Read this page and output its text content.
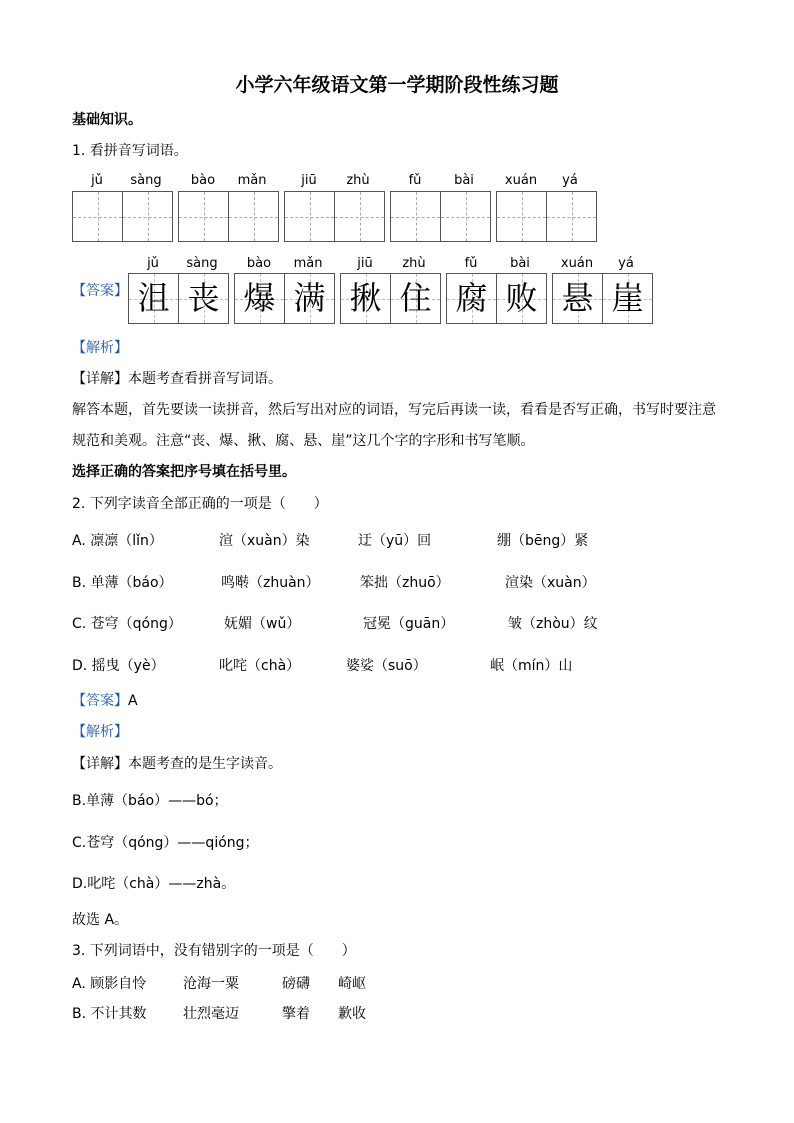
小学六年级语文第一学期阶段性练习题
基础知识。
1. 看拼音写词语。
jǔ	sàng	bào	mǎn	jiū	zhù	fǔ	bài	xuán	yá
【答案】
jǔ	sàng	bào	mǎn	jiū	zhù	fǔ	bài	xuán	yá
沮 丧 爆 满 揪 住 腐 败 悬 崖
【解析】
【详解】本题考查看拼音写词语。
解答本题，首先要读一读拼音，然后写出对应的词语，写完后再读一读，看看是否写正确，书写时要注意
规范和美观。注意“丧、爆、揪、腐、悬、崖”这几个字的字形和书写笔顺。
选择正确的答案把序号填在括号里。
2. 下列字读音全部正确的一项是（　　）
A. 凛凛（lǐn）	渲（xuàn）染	迂（yū）回	绷（bēng）紧
B. 单薄（báo）	鸣啭（zhuàn）	笨拙（zhuō）	渲染（xuàn）
C. 苍穹（qóng）	妩媚（wǔ）	冠冕（guān）	皱（zhòu）纹
D. 摇曳（yè）	叱咤（chà）	婆娑（suō）	岷（mín）山
【答案】A
【解析】
【详解】本题考查的是生字读音。
B.单薄（báo）——bó；
C.苍穹（qóng）——qióng；
D.叱咤（chà）——zhà。
故选 A。
3. 下列词语中，没有错别字的一项是（　　）
A. 顾影自怜	沧海一粟	磅礴 崎岖
B. 不计其数	壮烈毫迈	擎着 歉收
